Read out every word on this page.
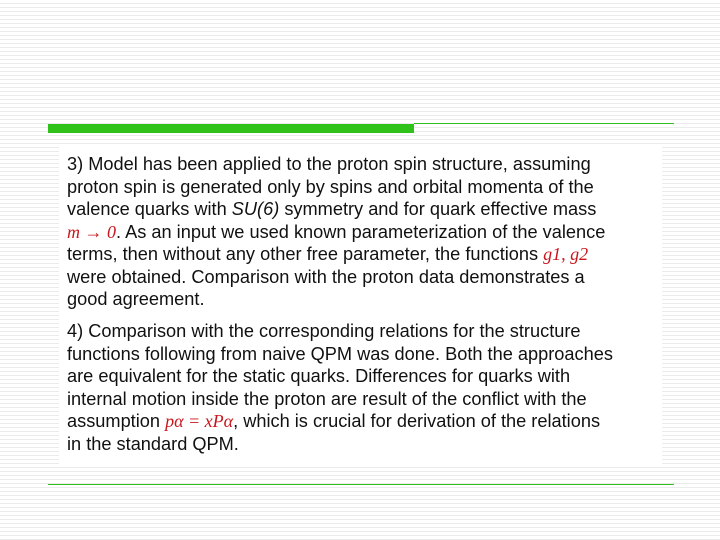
3) Model has been applied to the proton spin structure, assuming
proton spin is generated only by spins and orbital momenta of the
valence quarks with SU(6) symmetry and for quark effective mass
m → 0. As an input we used known parameterization of the valence
terms, then without any other free parameter, the functions g1, g2
were obtained. Comparison with the proton data demonstrates a
good agreement.
4) Comparison with the corresponding relations for the structure
functions following from naive QPM was done. Both the approaches
are equivalent for the static quarks. Differences for quarks with
internal motion inside the proton are result of the conflict with the
assumption pα = xPα, which is crucial for derivation of the relations
in the standard QPM.
